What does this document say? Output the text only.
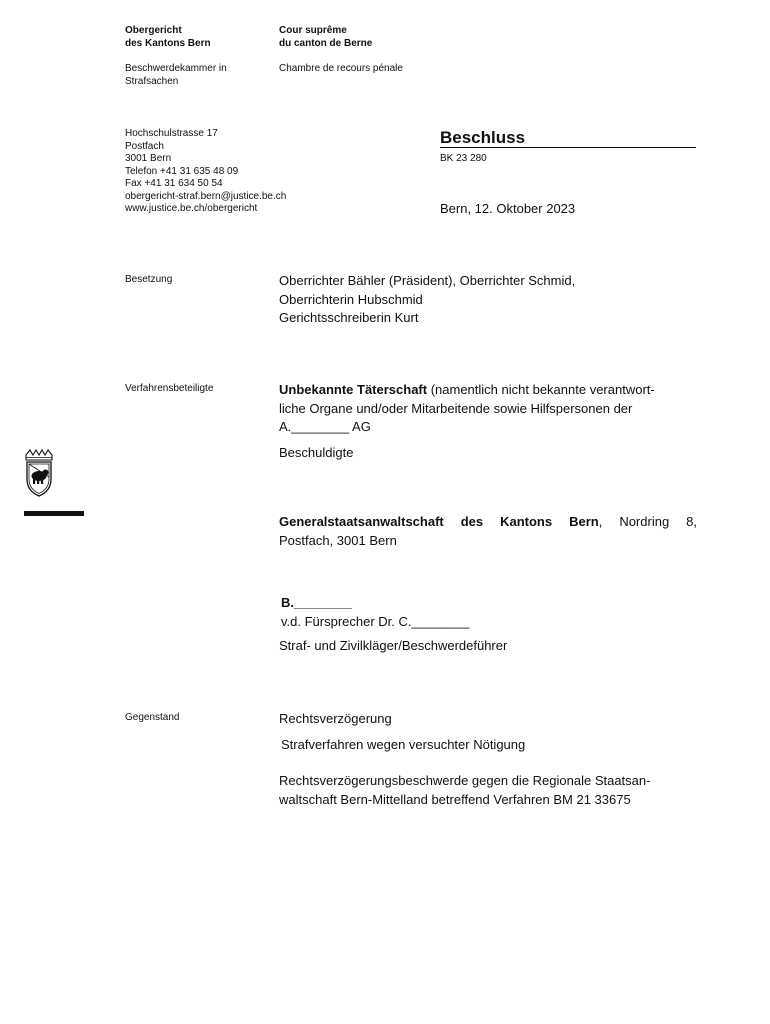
Obergericht
des Kantons Bern
Cour suprême
du canton de Berne
Beschwerdekammer in
Strafsachen
Chambre de recours pénale
Hochschulstrasse 17
Postfach
3001 Bern
Telefon +41 31 635 48 09
Fax +41 31 634 50 54
obergericht-straf.bern@justice.be.ch
www.justice.be.ch/obergericht
Beschluss
BK 23 280
Bern, 12. Oktober 2023
Besetzung	Oberrichter Bähler (Präsident), Oberrichter Schmid,
Oberrichterin Hubschmid
Gerichtsschreiberin Kurt
Verfahrensbeteiligte	Unbekannte Täterschaft (namentlich nicht bekannte verantwort-
liche Organe und/oder Mitarbeitende sowie Hilfspersonen der
A.________ AG
Beschuldigte
Generalstaatsanwaltschaft des Kantons Bern, Nordring 8,
Postfach, 3001 Bern
B.________
v.d. Fürsprecher Dr. C.________
Straf- und Zivilkläger/Beschwerdeführer
Gegenstand	Rechtsverzögerung
Strafverfahren wegen versuchter Nötigung
Rechtsverzögerungsbeschwerde gegen die Regionale Staatsan-
waltschaft Bern-Mittelland betreffend Verfahren BM 21 33675
